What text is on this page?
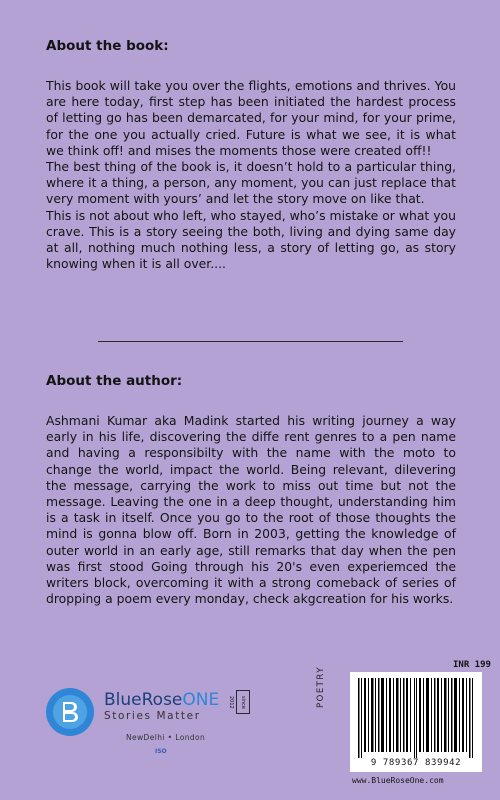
About the book:

This book will take you over the flights, emotions and thrives. You are here today, first step has been initiated the hardest process of letting go has been demarcated, for your mind, for your prime, for the one you actually cried. Future is what we see, it is what we think off! and mises the moments those were created off!!

The best thing of the book is, it doesn’t hold to a particular thing, where it a thing, a person, any moment, you can just replace that very moment with yours’ and let the story move on like that.

This is not about who left, who stayed, who’s mistake or what you crave. This is a story seeing the both, living and dying same day at all, nothing much nothing less, a story of letting go, as story knowing when it is all over....

About the author:

Ashmani Kumar aka Madink started his writing journey a way early in his life, discovering the diffe rent genres to a pen name and having a responsibilty with the name with the moto to change the world, impact the world. Being relevant, dilevering the message, carrying the work to miss out time but not the message. Leaving the one in a deep thought, understanding him is a task in itself. Once you go to the root of those thoughts the mind is gonna blow off. Born in 2003, getting the knowledge of outer world in an early age, still remarks that day when the pen was first stood Going through his 20's even experiemced the writers block, overcoming it with a strong comeback of series of dropping a poem every monday, check akgcreation for his works.

BlueRoseONE	since 2012
Stories Matter
NewDelhi • London
ISO
INR 199
POETRY
9 789367 839942
www.BlueRoseOne.com
